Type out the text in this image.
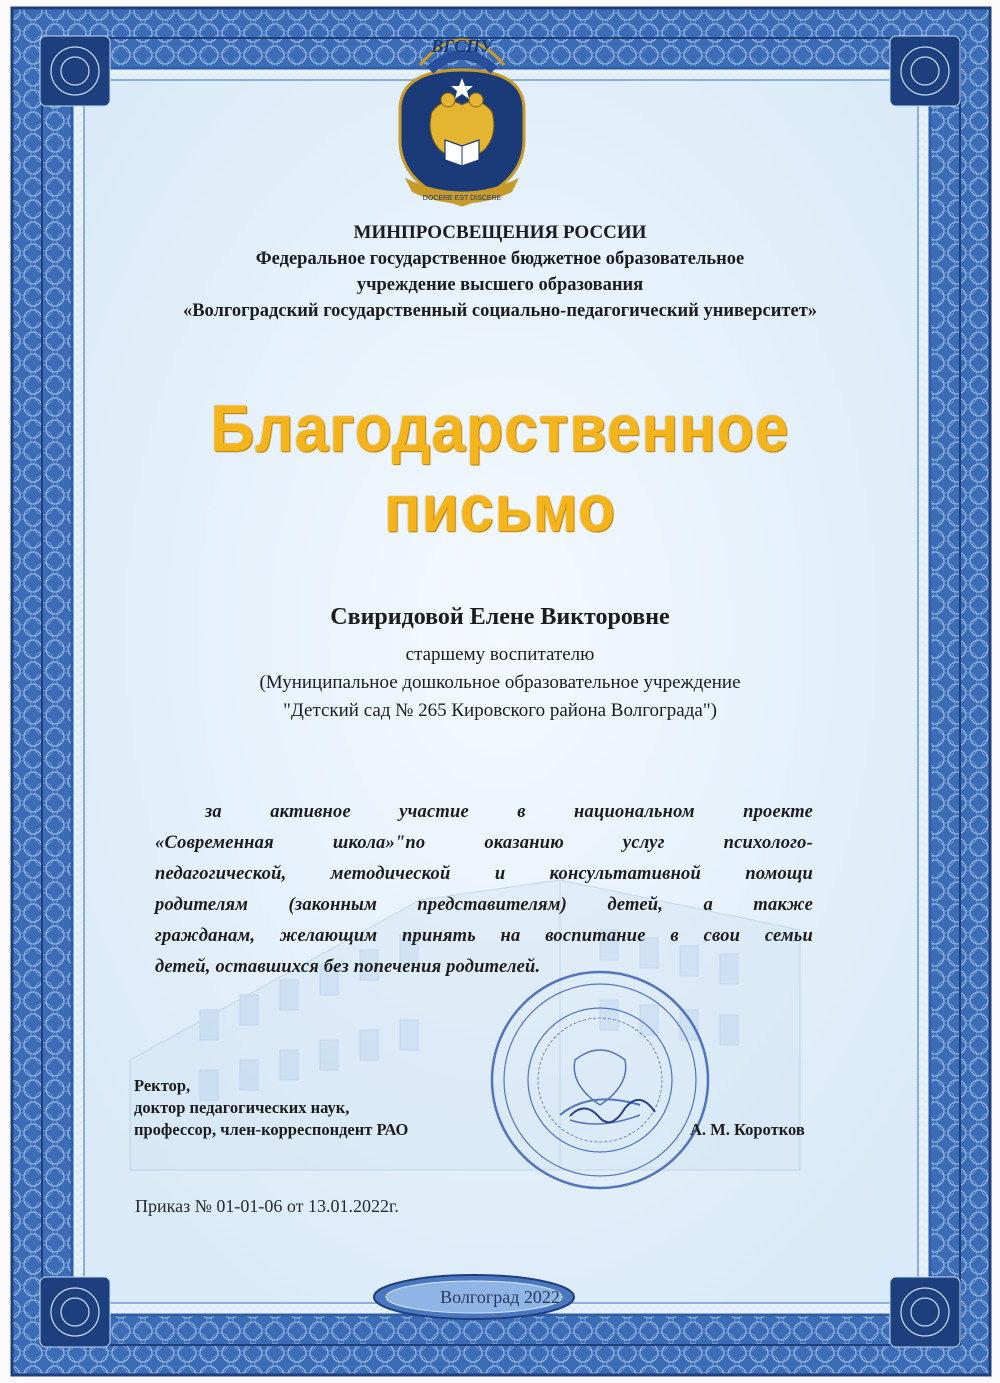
ВГСПУ
DOCERE EST DISCERE
МИНПРОСВЕЩЕНИЯ РОССИИ
Федеральное государственное бюджетное образовательное
учреждение высшего образования
«Волгоградский государственный социально-педагогический университет»
Благодарственное
письмо
Свиридовой Елене Викторовне
старшему воспитателю
(Муниципальное дошкольное образовательное учреждение
"Детский сад № 265 Кировского района Волгограда")
за активное участие в национальном проекте
«Современная школа»"по оказанию услуг психолого-
педагогической, методической и консультативной помощи
родителям (законным представителям) детей, а также
гражданам, желающим принять на воспитание в свои семьи
детей, оставшихся без попечения родителей.
Ректор,
доктор педагогических наук,
профессор, член-корреспондент РАО	А. М. Коротков
Приказ № 01-01-06 от 13.01.2022г.
Волгоград 2022
